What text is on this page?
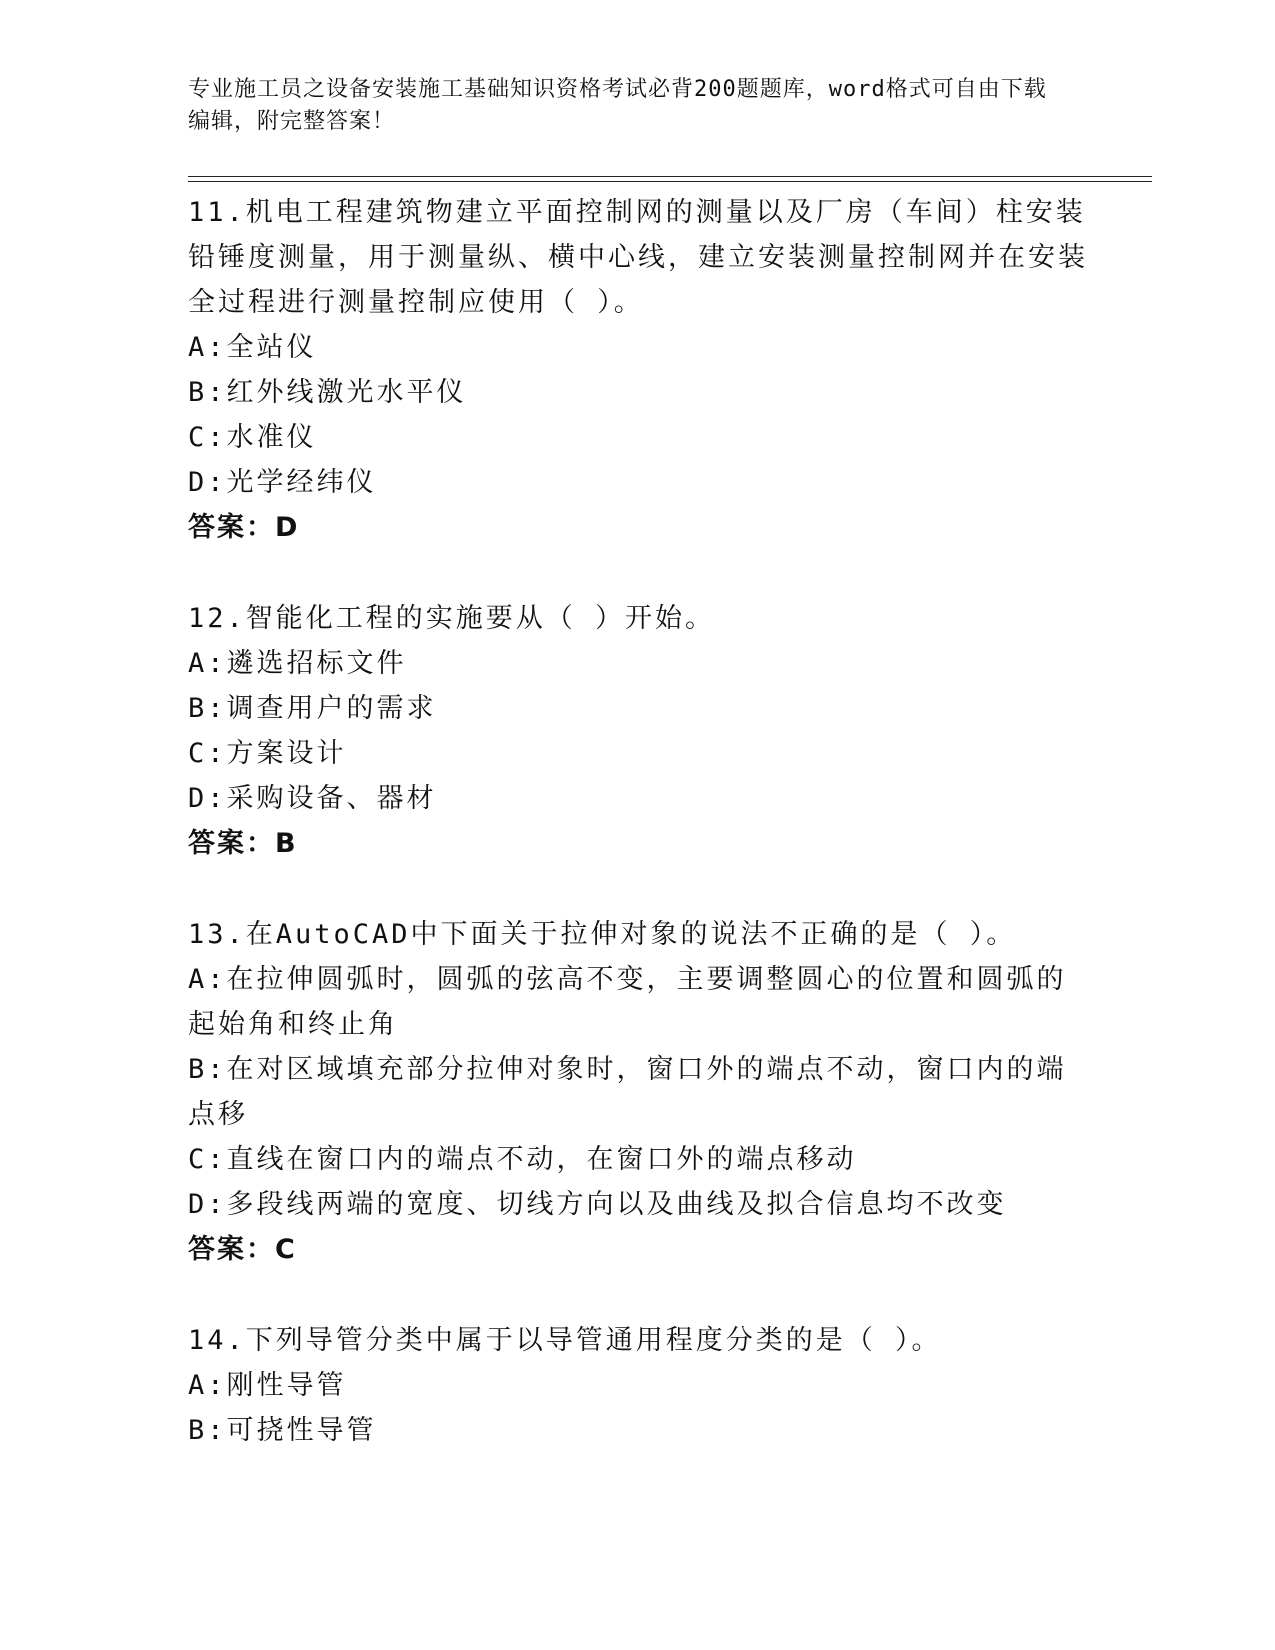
专业施工员之设备安装施工基础知识资格考试必背200题题库，word格式可自由下载编辑，附完整答案！

11.机电工程建筑物建立平面控制网的测量以及厂房（车间）柱安装铅锤度测量，用于测量纵、横中心线，建立安装测量控制网并在安装全过程进行测量控制应使用（ ）。

A:全站仪

B:红外线激光水平仪

C:水准仪

D:光学经纬仪

答案：D

12.智能化工程的实施要从（ ）开始。

A:遴选招标文件

B:调查用户的需求

C:方案设计

D:采购设备、器材

答案：B

13.在AutoCAD中下面关于拉伸对象的说法不正确的是（ ）。

A:在拉伸圆弧时，圆弧的弦高不变，主要调整圆心的位置和圆弧的起始角和终止角

B:在对区域填充部分拉伸对象时，窗口外的端点不动，窗口内的端点移

C:直线在窗口内的端点不动，在窗口外的端点移动

D:多段线两端的宽度、切线方向以及曲线及拟合信息均不改变

答案：C

14.下列导管分类中属于以导管通用程度分类的是（ ）。

A:刚性导管

B:可挠性导管
